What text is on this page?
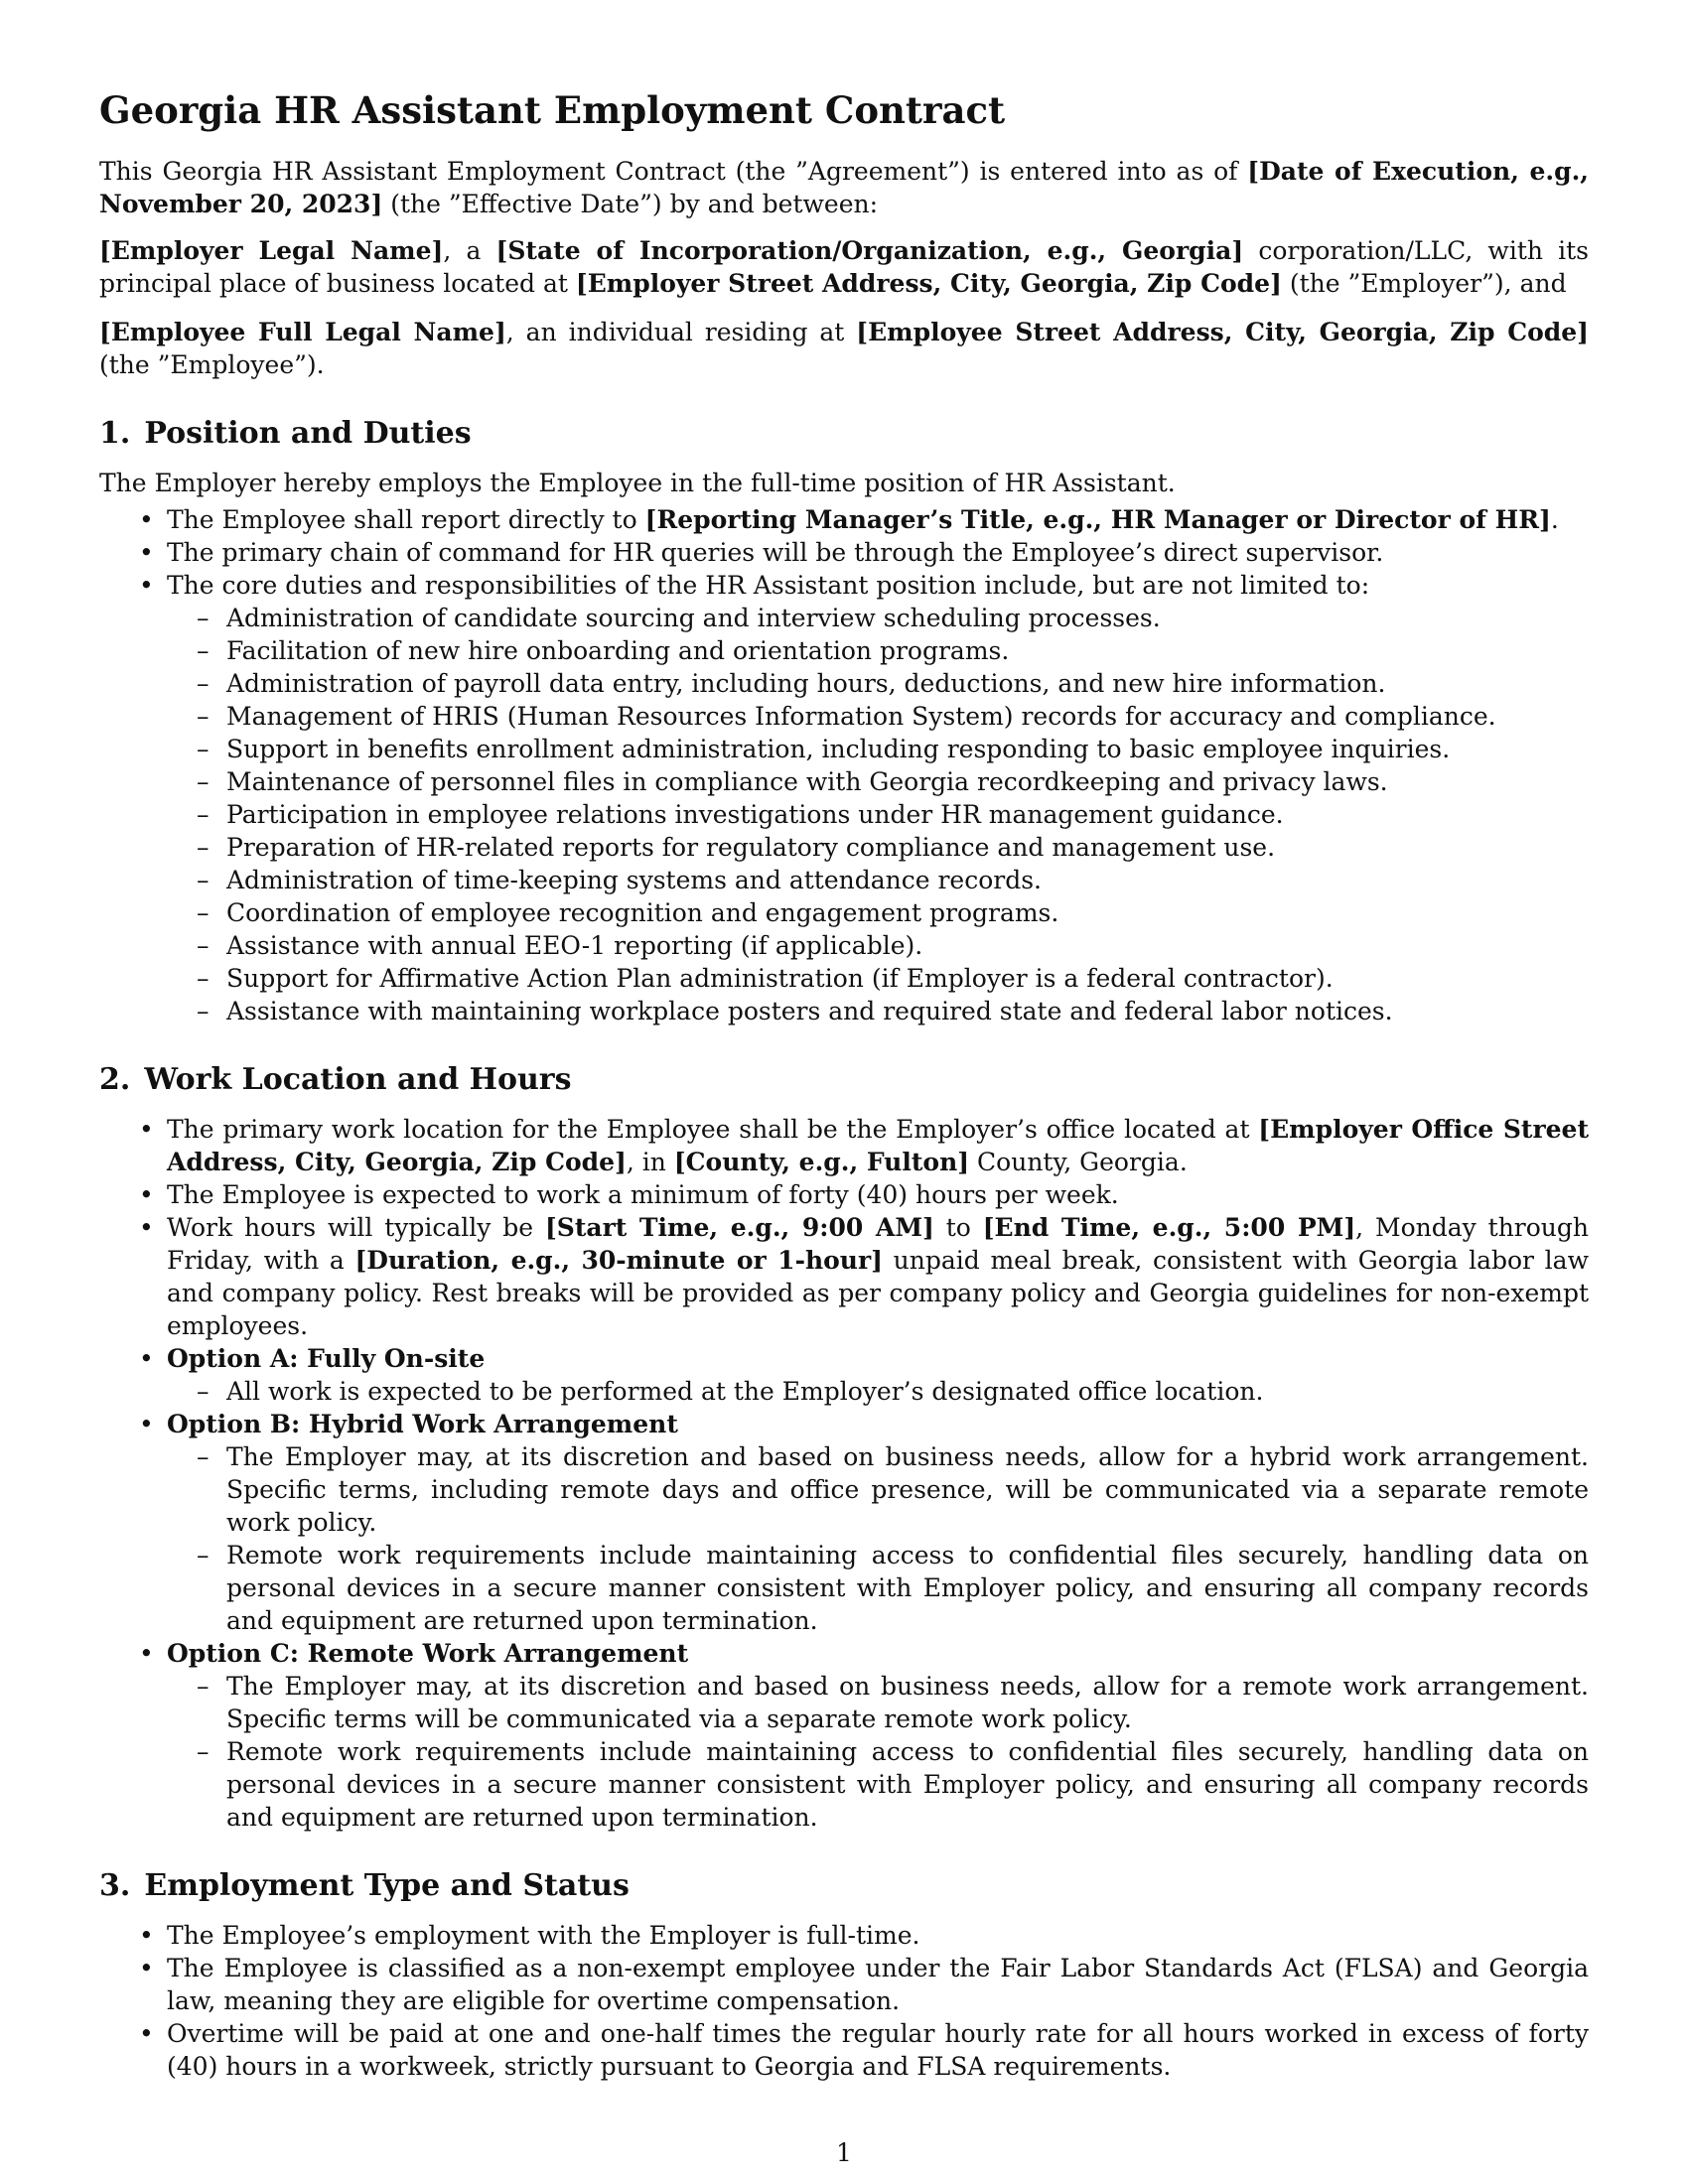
Georgia HR Assistant Employment Contract

This Georgia HR Assistant Employment Contract (the ”Agreement”) is entered into as of [Date of Execution, e.g., November 20, 2023] (the ”Effective Date”) by and between:

[Employer Legal Name], a [State of Incorporation/Organization, e.g., Georgia] corporation/LLC, with its principal place of business located at [Employer Street Address, City, Georgia, Zip Code] (the ”Employer”), and

[Employee Full Legal Name], an individual residing at [Employee Street Address, City, Georgia, Zip Code] (the ”Employee”).

1. Position and Duties

The Employer hereby employs the Employee in the full-time position of HR Assistant.

• The Employee shall report directly to [Reporting Manager’s Title, e.g., HR Manager or Director of HR].
• The primary chain of command for HR queries will be through the Employee’s direct supervisor.
• The core duties and responsibilities of the HR Assistant position include, but are not limited to:
– Administration of candidate sourcing and interview scheduling processes.
– Facilitation of new hire onboarding and orientation programs.
– Administration of payroll data entry, including hours, deductions, and new hire information.
– Management of HRIS (Human Resources Information System) records for accuracy and compliance.
– Support in benefits enrollment administration, including responding to basic employee inquiries.
– Maintenance of personnel files in compliance with Georgia recordkeeping and privacy laws.
– Participation in employee relations investigations under HR management guidance.
– Preparation of HR-related reports for regulatory compliance and management use.
– Administration of time-keeping systems and attendance records.
– Coordination of employee recognition and engagement programs.
– Assistance with annual EEO-1 reporting (if applicable).
– Support for Affirmative Action Plan administration (if Employer is a federal contractor).
– Assistance with maintaining workplace posters and required state and federal labor notices.
2. Work Location and Hours
• The primary work location for the Employee shall be the Employer’s office located at [Employer Office Street Address, City, Georgia, Zip Code], in [County, e.g., Fulton] County, Georgia.
• The Employee is expected to work a minimum of forty (40) hours per week.
• Work hours will typically be [Start Time, e.g., 9:00 AM] to [End Time, e.g., 5:00 PM], Monday through Friday, with a [Duration, e.g., 30-minute or 1-hour] unpaid meal break, consistent with Georgia labor law and company policy. Rest breaks will be provided as per company policy and Georgia guidelines for non-exempt employees.
• Option A: Fully On-site
– All work is expected to be performed at the Employer’s designated office location.
• Option B: Hybrid Work Arrangement
– The Employer may, at its discretion and based on business needs, allow for a hybrid work arrangement. Specific terms, including remote days and office presence, will be communicated via a separate remote work policy.
– Remote work requirements include maintaining access to confidential files securely, handling data on personal devices in a secure manner consistent with Employer policy, and ensuring all company records and equipment are returned upon termination.
• Option C: Remote Work Arrangement
– The Employer may, at its discretion and based on business needs, allow for a remote work arrangement. Specific terms will be communicated via a separate remote work policy.
– Remote work requirements include maintaining access to confidential files securely, handling data on personal devices in a secure manner consistent with Employer policy, and ensuring all company records and equipment are returned upon termination.
3. Employment Type and Status
• The Employee’s employment with the Employer is full-time.
• The Employee is classified as a non-exempt employee under the Fair Labor Standards Act (FLSA) and Georgia law, meaning they are eligible for overtime compensation.
• Overtime will be paid at one and one-half times the regular hourly rate for all hours worked in excess of forty (40) hours in a workweek, strictly pursuant to Georgia and FLSA requirements.
1
